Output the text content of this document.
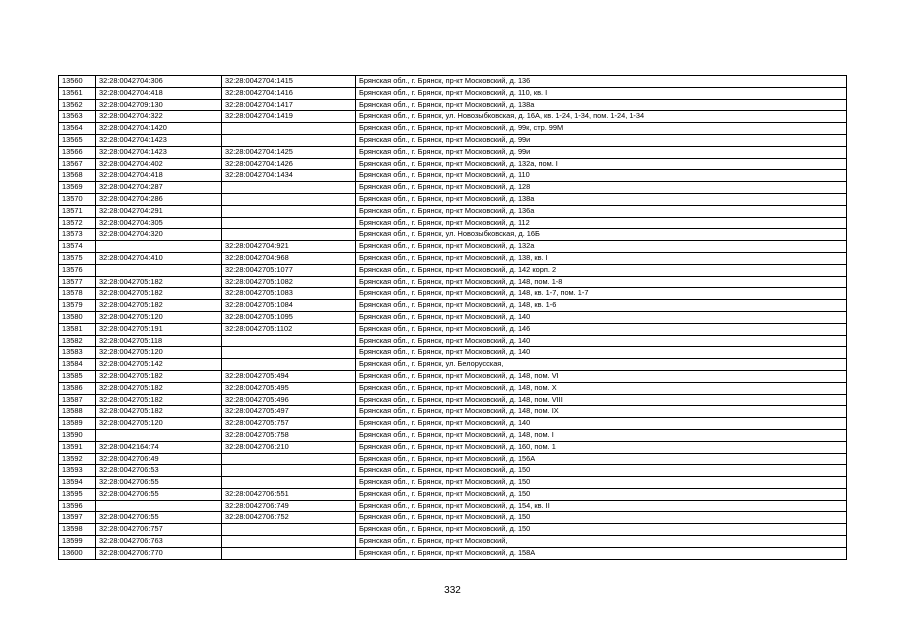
13560	32:28:0042704:306	32:28:0042704:1415	Брянская обл., г. Брянск, пр-кт Московский, д. 136
13561	32:28:0042704:418	32:28:0042704:1416	Брянская обл., г. Брянск, пр-кт Московский, д. 110, кв. I
13562	32:28:0042709:130	32:28:0042704:1417	Брянская обл., г. Брянск, пр-кт Московский, д. 138а
13563	32:28:0042704:322	32:28:0042704:1419	Брянская обл., г. Брянск, ул. Новозыбковская, д. 16А, кв. 1-24, 1-34, пом. 1-24, 1-34
13564	32:28:0042704:1420		Брянская обл., г. Брянск, пр-кт Московский, д. 99к, стр. 99М
13565	32:28:0042704:1423		Брянская обл., г. Брянск, пр-кт Московский, д. 99и
13566	32:28:0042704:1423	32:28:0042704:1425	Брянская обл., г. Брянск, пр-кт Московский, д. 99и
13567	32:28:0042704:402	32:28:0042704:1426	Брянская обл., г. Брянск, пр-кт Московский, д. 132а, пом. I
13568	32:28:0042704:418	32:28:0042704:1434	Брянская обл., г. Брянск, пр-кт Московский, д. 110
13569	32:28:0042704:287		Брянская обл., г. Брянск, пр-кт Московский, д. 128
13570	32:28:0042704:286		Брянская обл., г. Брянск, пр-кт Московский, д. 138а
13571	32:28:0042704:291		Брянская обл., г. Брянск, пр-кт Московский, д. 136а
13572	32:28:0042704:305		Брянская обл., г. Брянск, пр-кт Московский, д. 112
13573	32:28:0042704:320		Брянская обл., г. Брянск, ул. Новозыбковская, д. 16Б
13574		32:28:0042704:921	Брянская обл., г. Брянск, пр-кт Московский, д. 132а
13575	32:28:0042704:410	32:28:0042704:968	Брянская обл., г. Брянск, пр-кт Московский, д. 138, кв. I
13576		32:28:0042705:1077	Брянская обл., г. Брянск, пр-кт Московский, д. 142 корп. 2
13577	32:28:0042705:182	32:28:0042705:1082	Брянская обл., г. Брянск, пр-кт Московский, д. 148, пом. 1-8
13578	32:28:0042705:182	32:28:0042705:1083	Брянская обл., г. Брянск, пр-кт Московский, д. 148, кв. 1-7, пом. 1-7
13579	32:28:0042705:182	32:28:0042705:1084	Брянская обл., г. Брянск, пр-кт Московский, д. 148, кв. 1-6
13580	32:28:0042705:120	32:28:0042705:1095	Брянская обл., г. Брянск, пр-кт Московский, д. 140
13581	32:28:0042705:191	32:28:0042705:1102	Брянская обл., г. Брянск, пр-кт Московский, д. 146
13582	32:28:0042705:118		Брянская обл., г. Брянск, пр-кт Московский, д. 140
13583	32:28:0042705:120		Брянская обл., г. Брянск, пр-кт Московский, д. 140
13584	32:28:0042705:142		Брянская обл., г. Брянск, ул. Белорусская,
13585	32:28:0042705:182	32:28:0042705:494	Брянская обл., г. Брянск, пр-кт Московский, д. 148, пом. VI
13586	32:28:0042705:182	32:28:0042705:495	Брянская обл., г. Брянск, пр-кт Московский, д. 148, пом. X
13587	32:28:0042705:182	32:28:0042705:496	Брянская обл., г. Брянск, пр-кт Московский, д. 148, пом. VIII
13588	32:28:0042705:182	32:28:0042705:497	Брянская обл., г. Брянск, пр-кт Московский, д. 148, пом. IX
13589	32:28:0042705:120	32:28:0042705:757	Брянская обл., г. Брянск, пр-кт Московский, д. 140
13590		32:28:0042705:758	Брянская обл., г. Брянск, пр-кт Московский, д. 148, пом. I
13591	32:28:0042164:74	32:28:0042706:210	Брянская обл., г. Брянск, пр-кт Московский, д. 160, пом. 1
13592	32:28:0042706:49		Брянская обл., г. Брянск, пр-кт Московский, д. 156А
13593	32:28:0042706:53		Брянская обл., г. Брянск, пр-кт Московский, д. 150
13594	32:28:0042706:55		Брянская обл., г. Брянск, пр-кт Московский, д. 150
13595	32:28:0042706:55	32:28:0042706:551	Брянская обл., г. Брянск, пр-кт Московский, д. 150
13596		32:28:0042706:749	Брянская обл., г. Брянск, пр-кт Московский, д. 154, кв. II
13597	32:28:0042706:55	32:28:0042706:752	Брянская обл., г. Брянск, пр-кт Московский, д. 150
13598	32:28:0042706:757		Брянская обл., г. Брянск, пр-кт Московский, д. 150
13599	32:28:0042706:763		Брянская обл., г. Брянск, пр-кт Московский,
13600	32:28:0042706:770		Брянская обл., г. Брянск, пр-кт Московский, д. 158А
332
